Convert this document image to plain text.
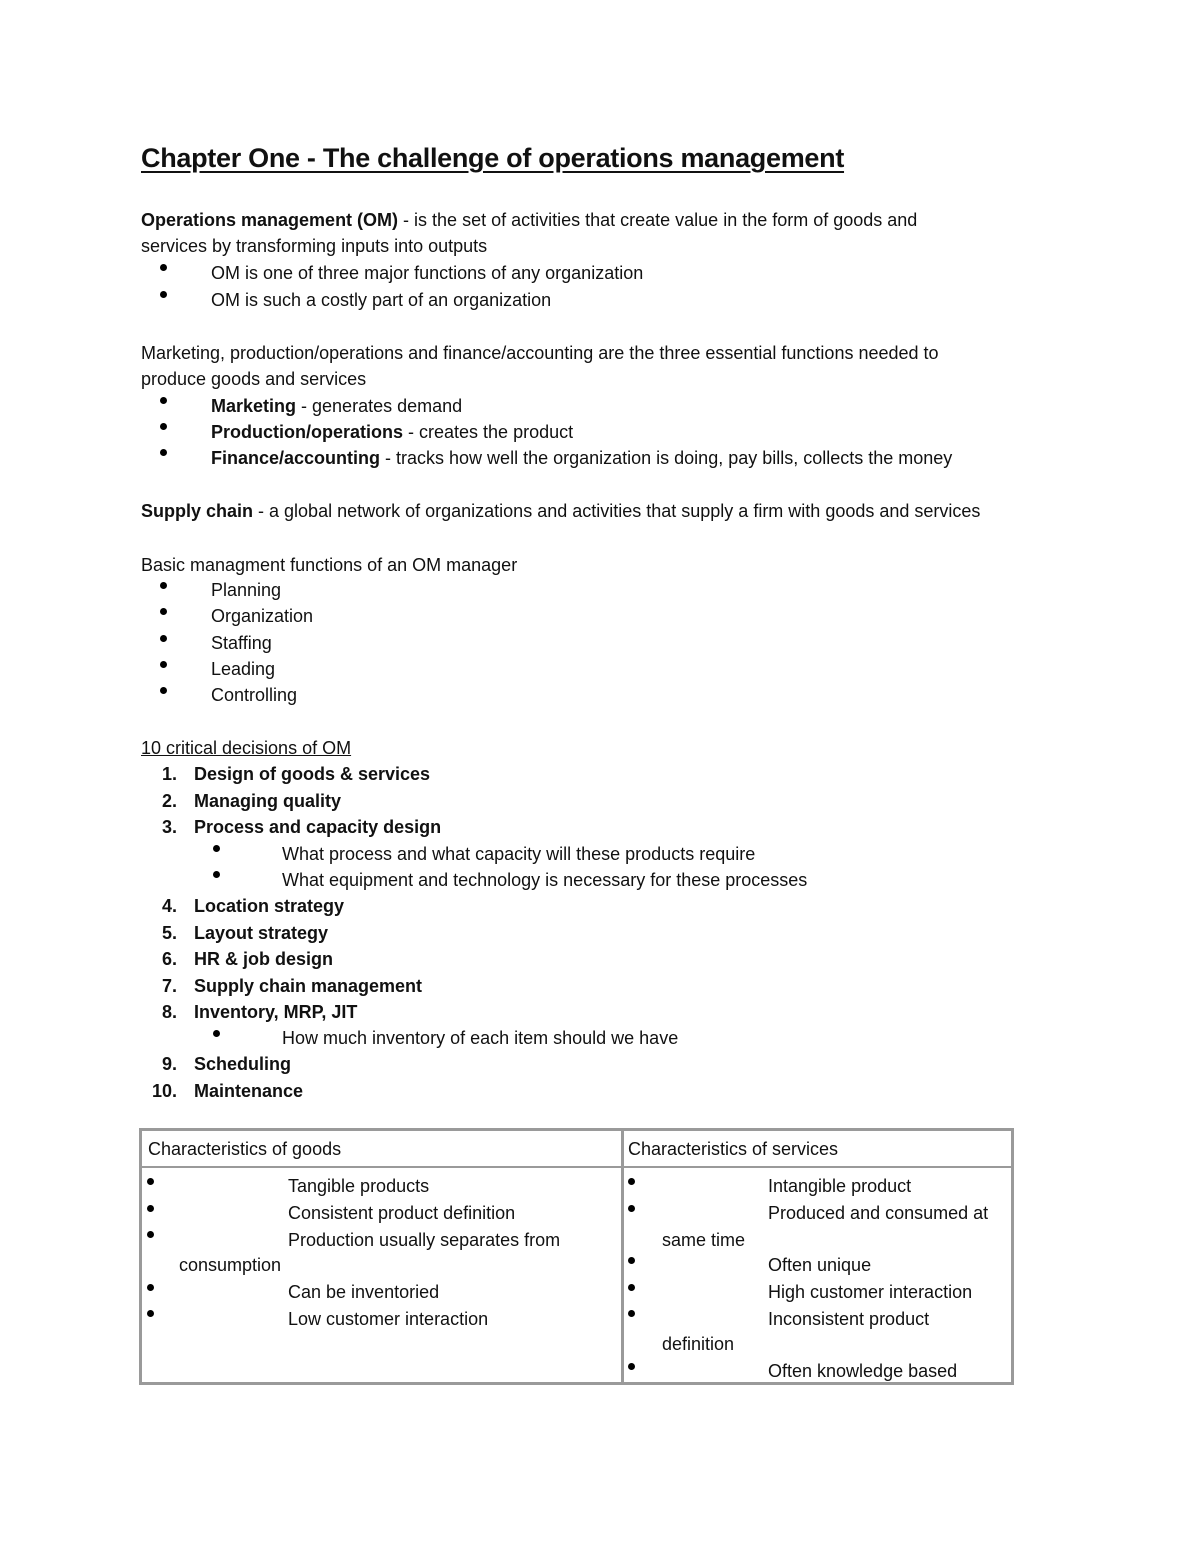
Chapter One - The challenge of operations management
Operations management (OM) - is the set of activities that create value in the form of goods and
services by transforming inputs into outputs
OM is one of three major functions of any organization
OM is such a costly part of an organization
Marketing, production/operations and finance/accounting are the three essential functions needed to
produce goods and services
Marketing - generates demand
Production/operations - creates the product
Finance/accounting - tracks how well the organization is doing, pay bills, collects the money
Supply chain - a global network of organizations and activities that supply a firm with goods and services
Basic managment functions of an OM manager
Planning
Organization
Staffing
Leading
Controlling
10 critical decisions of OM
1. Design of goods & services
2. Managing quality
3. Process and capacity design
What process and what capacity will these products require
What equipment and technology is necessary for these processes
4. Location strategy
5. Layout strategy
6. HR & job design
7. Supply chain management
8. Inventory, MRP, JIT
How much inventory of each item should we have
9. Scheduling
10. Maintenance
Characteristics of goods	Characteristics of services
Tangible products
Consistent product definition
Production usually separates from
consumption
Can be inventoried
Low customer interaction
Intangible product
Produced and consumed at
same time
Often unique
High customer interaction
Inconsistent product
definition
Often knowledge based
